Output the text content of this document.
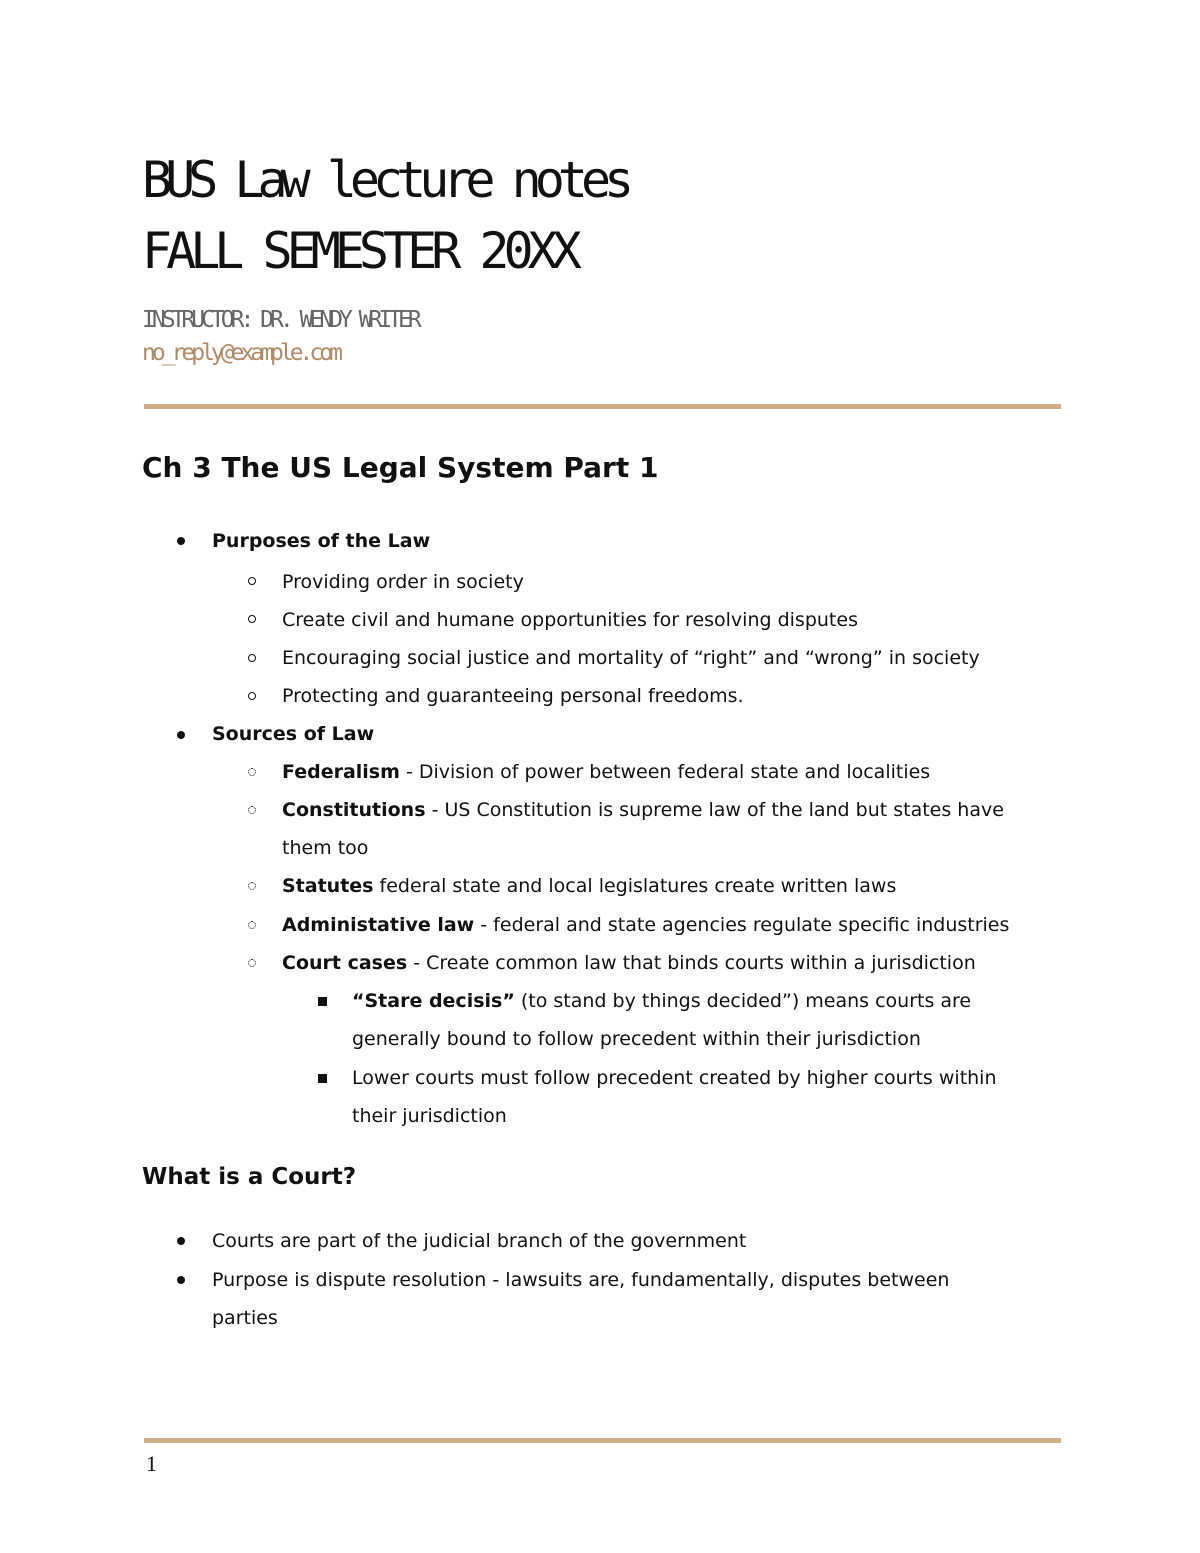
BUS Law lecture notes
FALL SEMESTER 20XX
INSTRUCTOR: DR. WENDY WRITER
no_reply@example.com
Ch 3 The US Legal System Part 1
Purposes of the Law
Providing order in society
Create civil and humane opportunities for resolving disputes
Encouraging social justice and mortality of “right” and “wrong” in society
Protecting and guaranteeing personal freedoms.
Sources of Law
Federalism - Division of power between federal state and localities
Constitutions - US Constitution is supreme law of the land but states have
them too
Statutes federal state and local legislatures create written laws
Administative law - federal and state agencies regulate specific industries
Court cases - Create common law that binds courts within a jurisdiction
“Stare decisis” (to stand by things decided”) means courts are
generally bound to follow precedent within their jurisdiction
Lower courts must follow precedent created by higher courts within
their jurisdiction
What is a Court?
Courts are part of the judicial branch of the government
Purpose is dispute resolution - lawsuits are, fundamentally, disputes between
parties
1
